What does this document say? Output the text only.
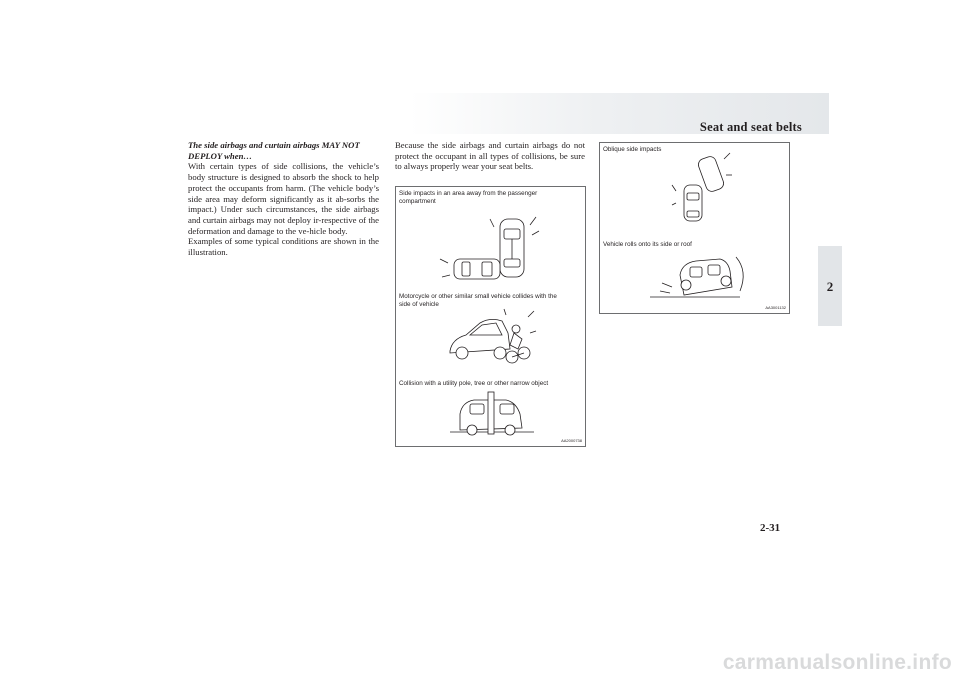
Seat and seat belts
2
The side airbags and curtain airbags MAY NOT
DEPLOY when…

With certain types of side collisions, the vehicle’s body structure is designed to absorb the shock to help protect the occupants from harm. (The vehicle body’s side area may deform significantly as it ab-sorbs the impact.) Under such circumstances, the side airbags and curtain airbags may not deploy ir-respective of the deformation and damage to the ve-hicle body.

Examples of some typical conditions are shown in the illustration.

Because the side airbags and curtain airbags do not protect the occupant in all types of collisions, be sure to always properly wear your seat belts.
Side impacts in an area away from the passenger
compartment
Motorcycle or other similar small vehicle collides with the
side of vehicle
Collision with a utility pole, tree or other narrow object
AA2000738
Oblique side impacts
Vehicle rolls onto its side or roof
AA3001132
2-31
carmanualsonline.info
